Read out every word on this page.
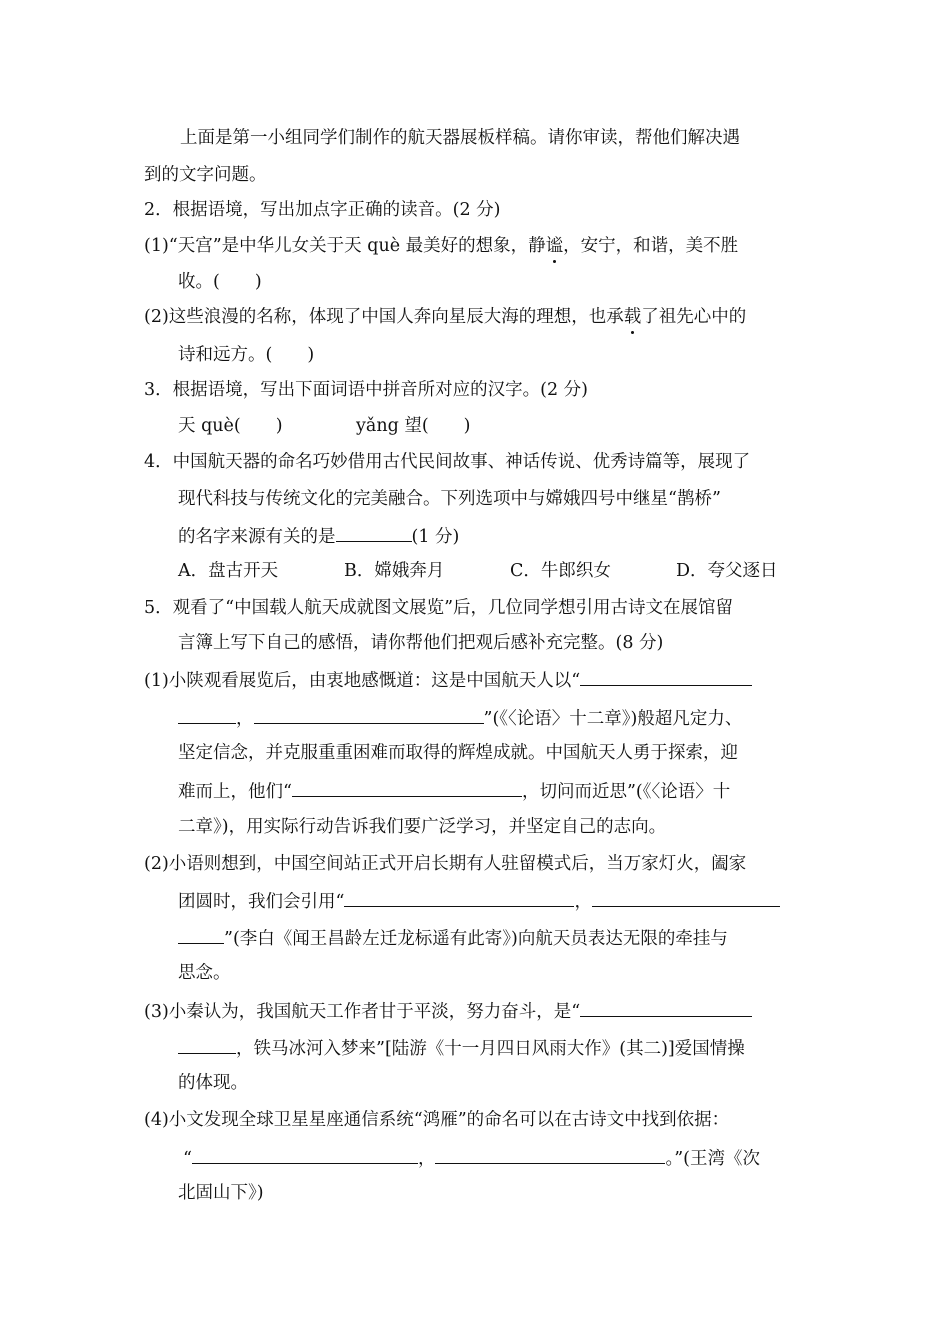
上面是第一小组同学们制作的航天器展板样稿。请你审读，帮他们解决遇
到的文字问题。
2．根据语境，写出加点字正确的读音。(2 分)
(1)“天宫”是中华儿女关于天 què 最美好的想象，静谧，安宁，和谐，美不胜
收。(　　)
(2)这些浪漫的名称，体现了中国人奔向星辰大海的理想，也承载了祖先心中的
诗和远方。(　　)
3．根据语境，写出下面词语中拼音所对应的汉字。(2 分)
天 què(　　)	yǎng 望(　　)
4．中国航天器的命名巧妙借用古代民间故事、神话传说、优秀诗篇等，展现了
现代科技与传统文化的完美融合。下列选项中与嫦娥四号中继星“鹊桥”
的名字来源有关的是	(1 分)
A．盘古开天	B．嫦娥奔月	C．牛郎织女	D．夸父逐日
5．观看了“中国载人航天成就图文展览”后，几位同学想引用古诗文在展馆留
言簿上写下自己的感悟，请你帮他们把观后感补充完整。(8 分)
(1)小陕观看展览后，由衷地感慨道：这是中国航天人以“
，	”(《〈论语〉十二章》)般超凡定力、
坚定信念，并克服重重困难而取得的辉煌成就。中国航天人勇于探索，迎
难而上，他们“	，切问而近思”(《〈论语〉十
二章》)，用实际行动告诉我们要广泛学习，并坚定自己的志向。
(2)小语则想到，中国空间站正式开启长期有人驻留模式后，当万家灯火，阖家
团圆时，我们会引用“	，
”(李白《闻王昌龄左迁龙标遥有此寄》)向航天员表达无限的牵挂与
思念。
(3)小秦认为，我国航天工作者甘于平淡，努力奋斗，是“
，铁马冰河入梦来”[陆游《十一月四日风雨大作》(其二)]爱国情操
的体现。
(4)小文发现全球卫星星座通信系统“鸿雁”的命名可以在古诗文中找到依据：
“	，	。”(王湾《次
北固山下》)
